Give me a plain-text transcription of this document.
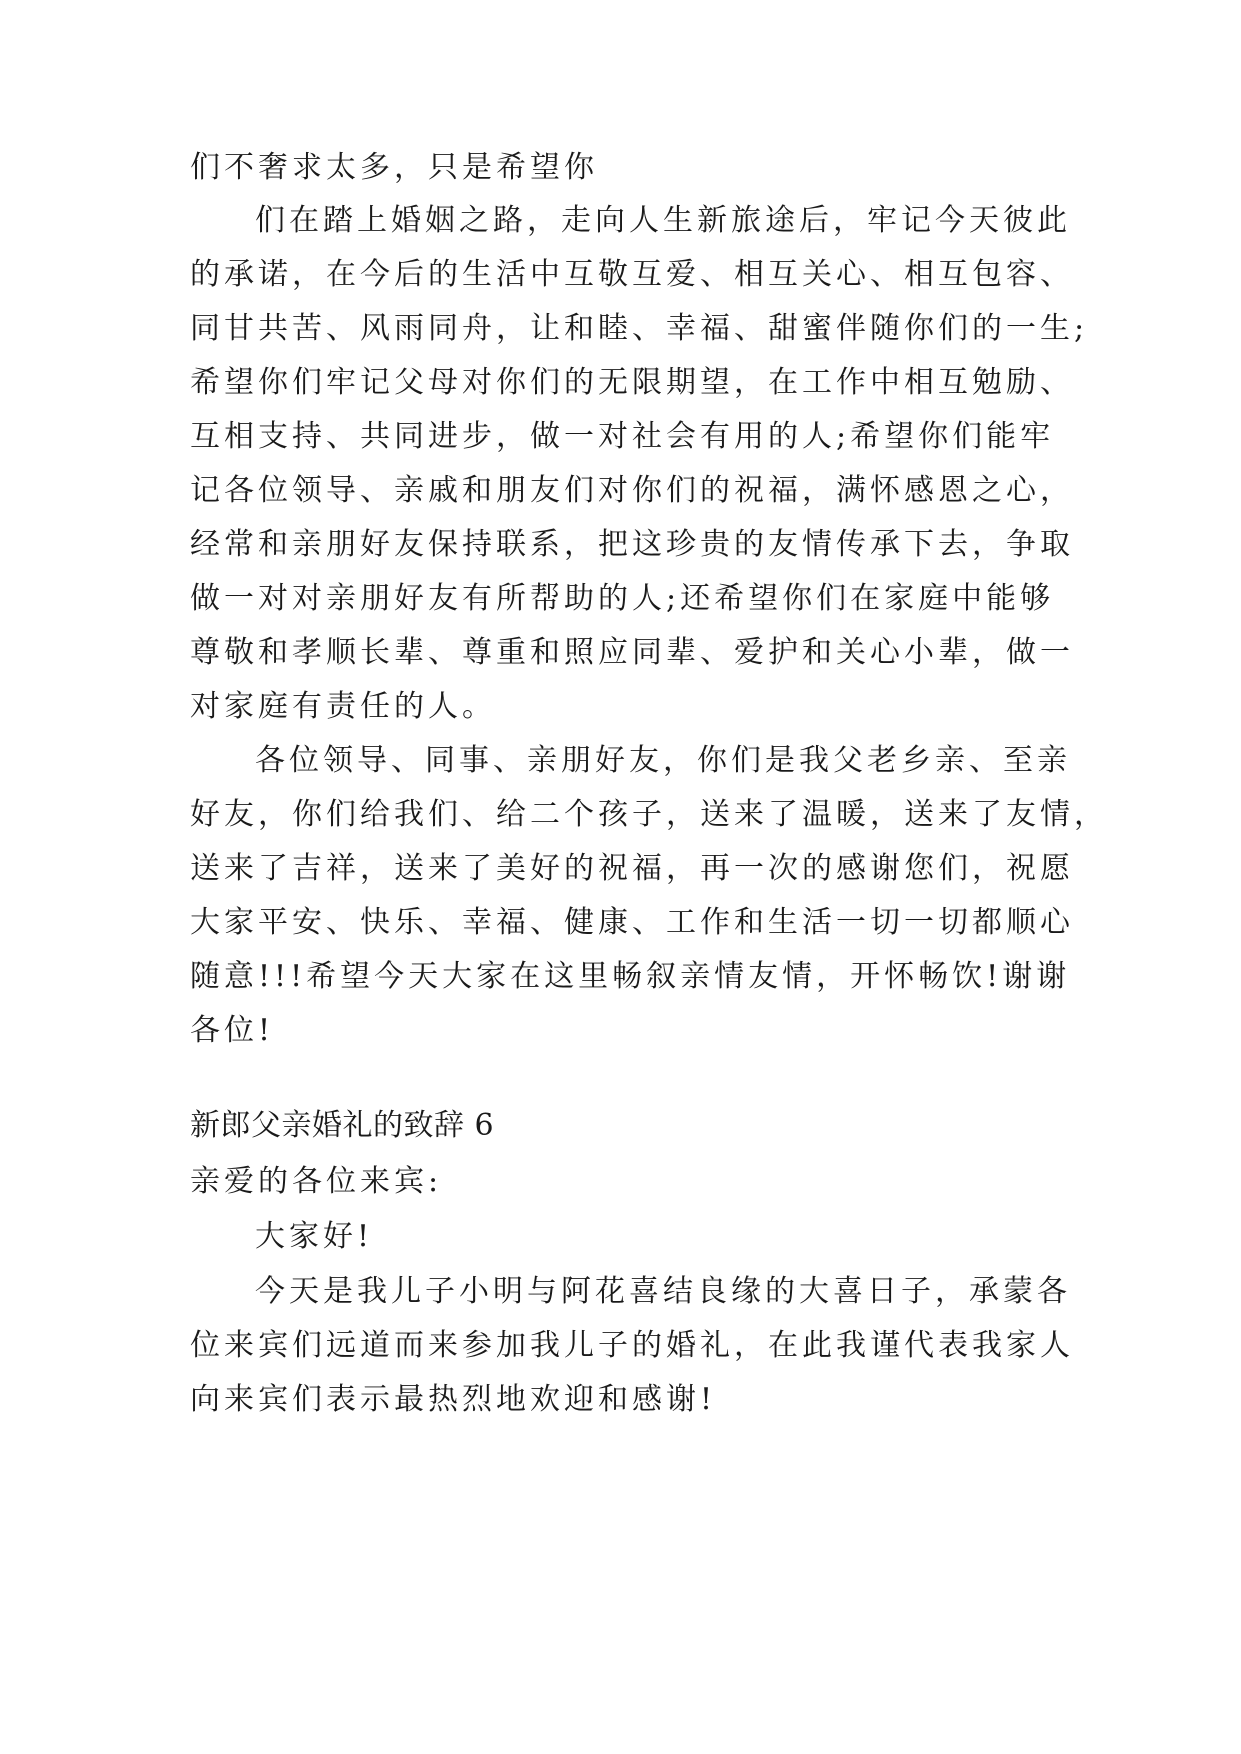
们不奢求太多，只是希望你

们在踏上婚姻之路，走向人生新旅途后，牢记今天彼此

的承诺，在今后的生活中互敬互爱、相互关心、相互包容、

同甘共苦、风雨同舟，让和睦、幸福、甜蜜伴随你们的一生;

希望你们牢记父母对你们的无限期望，在工作中相互勉励、

互相支持、共同进步，做一对社会有用的人;希望你们能牢

记各位领导、亲戚和朋友们对你们的祝福，满怀感恩之心，

经常和亲朋好友保持联系，把这珍贵的友情传承下去，争取

做一对对亲朋好友有所帮助的人;还希望你们在家庭中能够

尊敬和孝顺长辈、尊重和照应同辈、爱护和关心小辈，做一

对家庭有责任的人。

各位领导、同事、亲朋好友，你们是我父老乡亲、至亲

好友，你们给我们、给二个孩子，送来了温暖，送来了友情，

送来了吉祥，送来了美好的祝福，再一次的感谢您们，祝愿

大家平安、快乐、幸福、健康、工作和生活一切一切都顺心

随意!!!希望今天大家在这里畅叙亲情友情，开怀畅饮!谢谢

各位!

新郎父亲婚礼的致辞 6

亲爱的各位来宾:

大家好!

今天是我儿子小明与阿花喜结良缘的大喜日子，承蒙各

位来宾们远道而来参加我儿子的婚礼，在此我谨代表我家人

向来宾们表示最热烈地欢迎和感谢!
